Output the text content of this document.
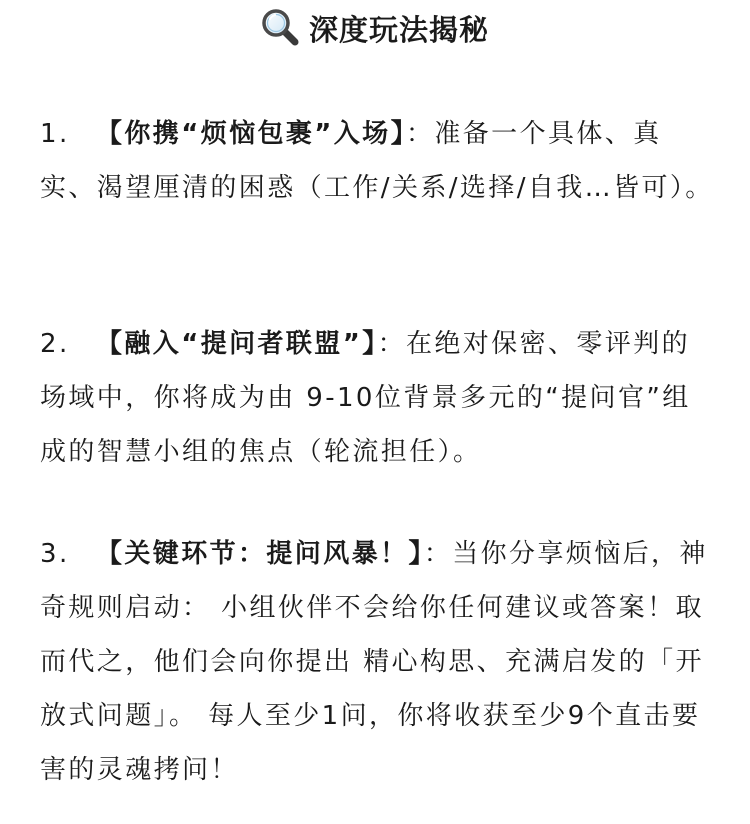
深度玩法揭秘
1. 【你携“烦恼包裹”入场】：准备一个具体、真实、渴望厘清的困惑（工作/关系/选择/自我…皆可）。
2. 【融入“提问者联盟”】：在绝对保密、零评判的场域中，你将成为由 9-10位背景多元的“提问官”组成的智慧小组的焦点（轮流担任）。
3. 【关键环节：提问风暴！】：当你分享烦恼后，神奇规则启动： 小组伙伴不会给你任何建议或答案！取而代之，他们会向你提出 精心构思、充满启发的「开放式问题」。 每人至少1问，你将收获至少9个直击要害的灵魂拷问！
